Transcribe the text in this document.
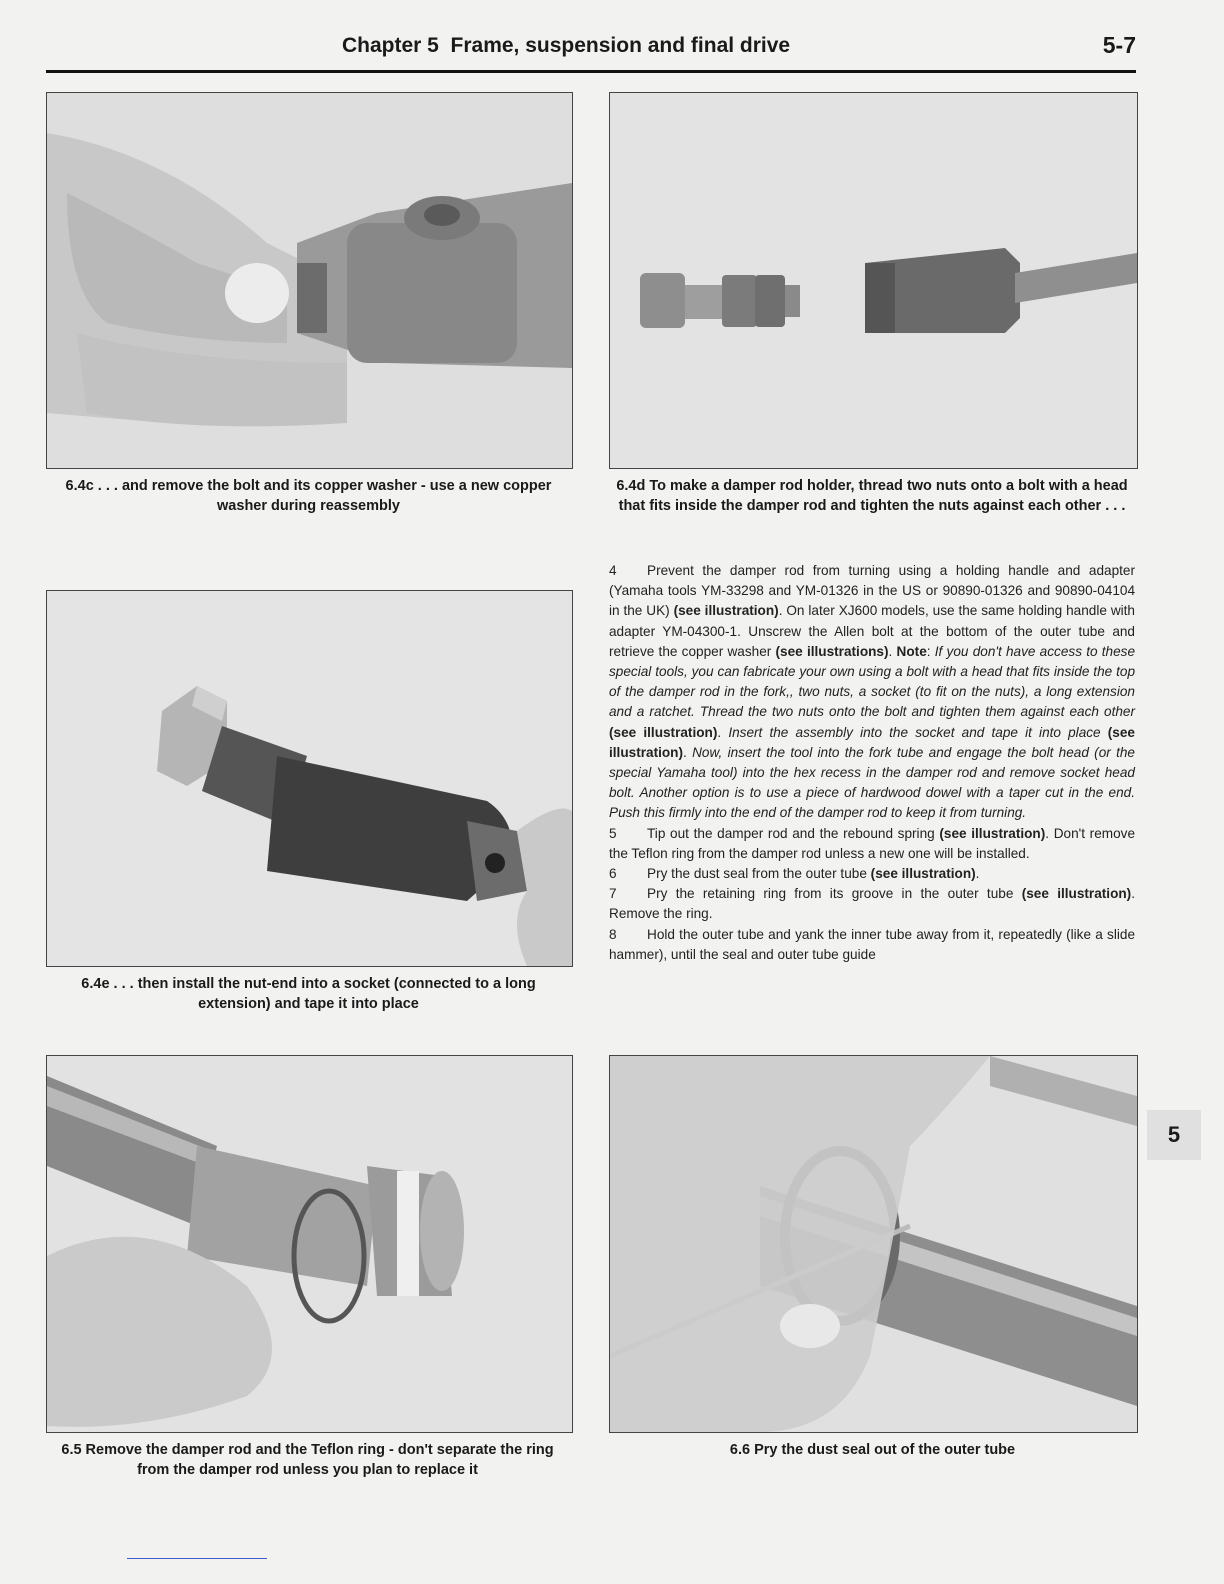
Chapter 5  Frame, suspension and final drive	5-7
6.4c . . . and remove the bolt and its copper washer - use a new copper washer during reassembly
6.4d To make a damper rod holder, thread two nuts onto a bolt with a head that fits inside the damper rod and tighten the nuts against each other . . .
6.4e . . . then install the nut-end into a socket (connected to a long extension) and tape it into place

4 Prevent the damper rod from turning using a holding handle and adapter (Yamaha tools YM-33298 and YM-01326 in the US or 90890-01326 and 90890-04104 in the UK) (see illustration). On later XJ600 models, use the same holding handle with adapter YM-04300-1. Unscrew the Allen bolt at the bottom of the outer tube and retrieve the copper washer (see illustrations). Note: If you don't have access to these special tools, you can fabricate your own using a bolt with a head that fits inside the top of the damper rod in the fork,, two nuts, a socket (to fit on the nuts), a long extension and a ratchet. Thread the two nuts onto the bolt and tighten them against each other (see illustration). Insert the assembly into the socket and tape it into place (see illustration). Now, insert the tool into the fork tube and engage the bolt head (or the special Yamaha tool) into the hex recess in the damper rod and remove socket head bolt. Another option is to use a piece of hardwood dowel with a taper cut in the end. Push this firmly into the end of the damper rod to keep it from turning.

5 Tip out the damper rod and the rebound spring (see illustration). Don't remove the Teflon ring from the damper rod unless a new one will be installed.

6 Pry the dust seal from the outer tube (see illustration).

7 Pry the retaining ring from its groove in the outer tube (see illustration). Remove the ring.

8 Hold the outer tube and yank the inner tube away from it, repeatedly (like a slide hammer), until the seal and outer tube guide

6.5 Remove the damper rod and the Teflon ring - don't separate the ring from the damper rod unless you plan to replace it
6.6 Pry the dust seal out of the outer tube
5
